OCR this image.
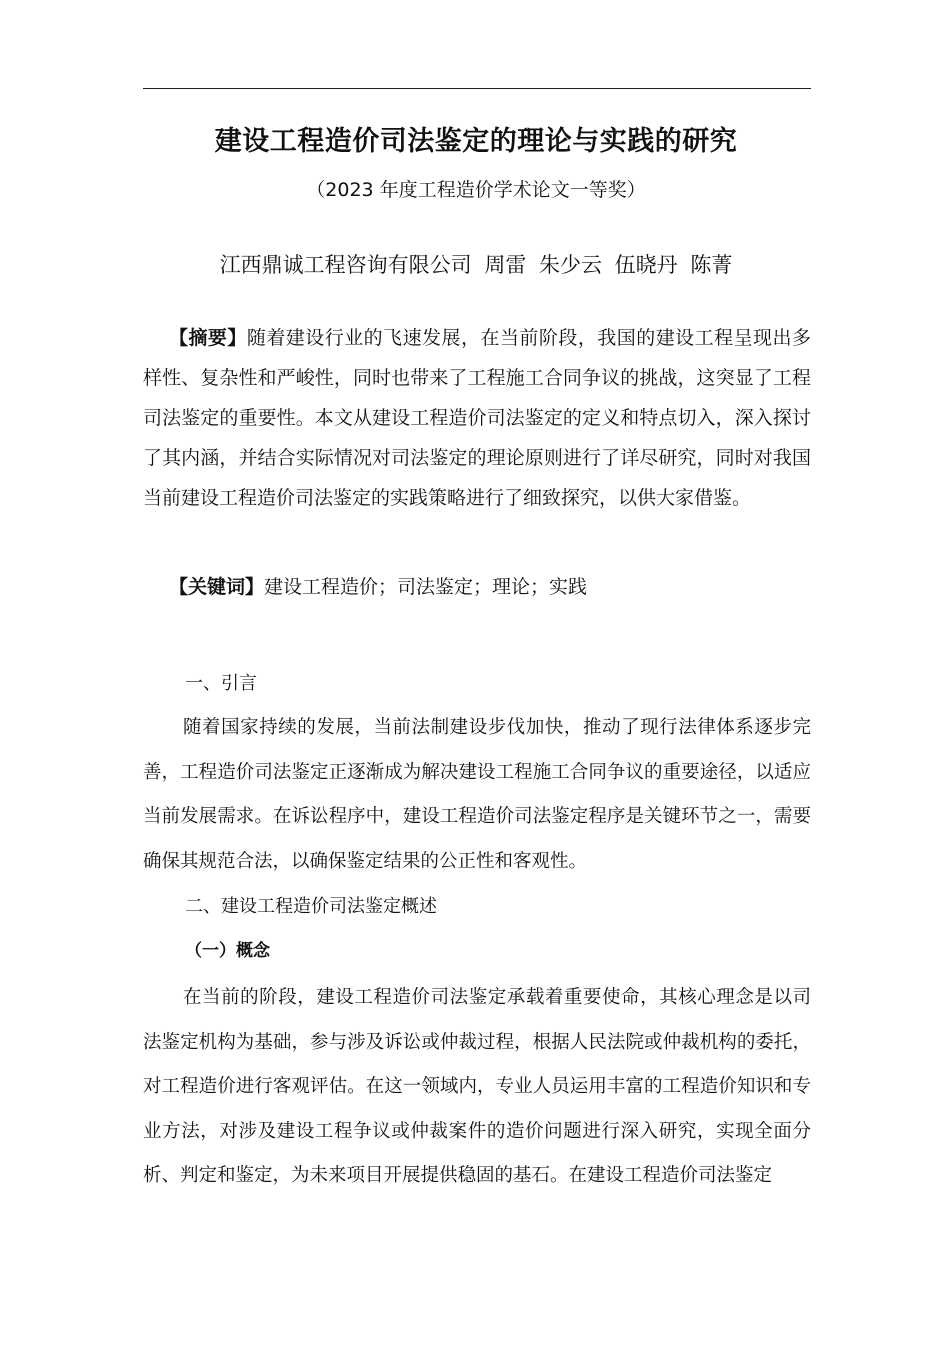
建设工程造价司法鉴定的理论与实践的研究
（2023 年度工程造价学术论文一等奖）
江西鼎诚工程咨询有限公司 周雷 朱少云 伍晓丹 陈菁
【摘要】随着建设行业的飞速发展，在当前阶段，我国的建设工程呈现出多样性、复杂性和严峻性，同时也带来了工程施工合同争议的挑战，这突显了工程司法鉴定的重要性。本文从建设工程造价司法鉴定的定义和特点切入，深入探讨了其内涵，并结合实际情况对司法鉴定的理论原则进行了详尽研究，同时对我国当前建设工程造价司法鉴定的实践策略进行了细致探究，以供大家借鉴。
【关键词】建设工程造价；司法鉴定；理论；实践
一、引言
随着国家持续的发展，当前法制建设步伐加快，推动了现行法律体系逐步完善，工程造价司法鉴定正逐渐成为解决建设工程施工合同争议的重要途径，以适应当前发展需求。在诉讼程序中，建设工程造价司法鉴定程序是关键环节之一，需要确保其规范合法，以确保鉴定结果的公正性和客观性。
二、建设工程造价司法鉴定概述
（一）概念
在当前的阶段，建设工程造价司法鉴定承载着重要使命，其核心理念是以司法鉴定机构为基础，参与涉及诉讼或仲裁过程，根据人民法院或仲裁机构的委托，对工程造价进行客观评估。在这一领域内，专业人员运用丰富的工程造价知识和专业方法，对涉及建设工程争议或仲裁案件的造价问题进行深入研究，实现全面分析、判定和鉴定，为未来项目开展提供稳固的基石。在建设工程造价司法鉴定
